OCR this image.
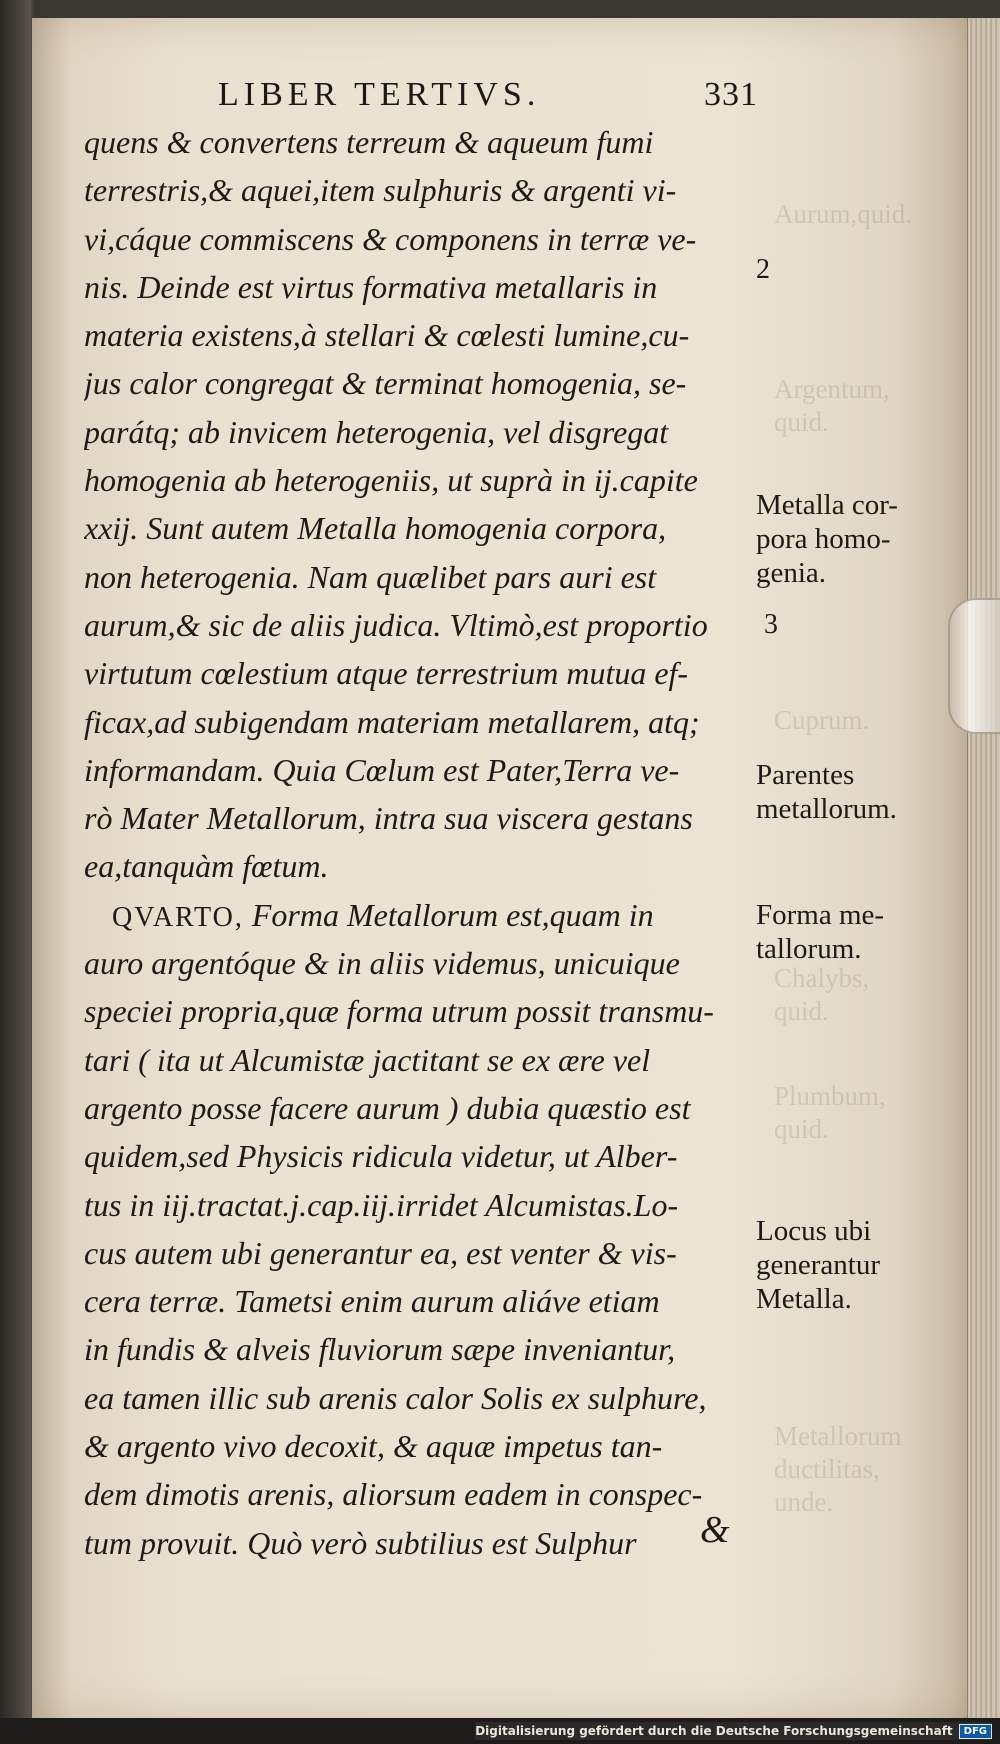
LIBER TERTIVS.	331
Aurum,quid.
Argentum,
quid.
Cuprum.
Chalybs,
quid.
Plumbum,
quid.
Metallorum
ductilitas,
unde.
quens & convertens terreum & aqueum fumi
terrestris,& aquei,item sulphuris & argenti vi-
vi,cáque commiscens & componens in terræ ve-
nis. Deinde est virtus formativa metallaris in
materia existens,à stellari & cœlesti lumine,cu-
jus calor congregat & terminat homogenia, se-
parátq; ab invicem heterogenia, vel disgregat
homogenia ab heterogeniis, ut suprà in ij.capite
xxij. Sunt autem Metalla homogenia corpora,
non heterogenia. Nam quælibet pars auri est
aurum,& sic de aliis judica. Vltimò,est proportio
virtutum cœlestium atque terrestrium mutua ef-
ficax,ad subigendam materiam metallarem, atq;
informandam. Quia Cœlum est Pater,Terra ve-
rò Mater Metallorum, intra sua viscera gestans
ea,tanquàm fœtum.
QVARTO, Forma Metallorum est,quam in
auro argentóque & in aliis videmus, unicuique
speciei propria,quæ forma utrum possit transmu-
tari ( ita ut Alcumistæ jactitant se ex ære vel
argento posse facere aurum ) dubia quæstio est
quidem,sed Physicis ridicula videtur, ut Alber-
tus in iij.tractat.j.cap.iij.irridet Alcumistas.Lo-
cus autem ubi generantur ea, est venter & vis-
cera terræ. Tametsi enim aurum aliáve etiam
in fundis & alveis fluviorum sæpe inveniantur,
ea tamen illic sub arenis calor Solis ex sulphure,
& argento vivo decoxit, & aquæ impetus tan-
dem dimotis arenis, aliorsum eadem in conspec-
tum provuit. Quò verò subtilius est Sulphur	&
2
3
Metalla cor-
pora homo-
genia.
Parentes
metallorum.
Forma me-
tallorum.
Locus ubi
generantur
Metalla.
Digitalisierung gefördert durch die Deutsche Forschungsgemeinschaft	DFG
